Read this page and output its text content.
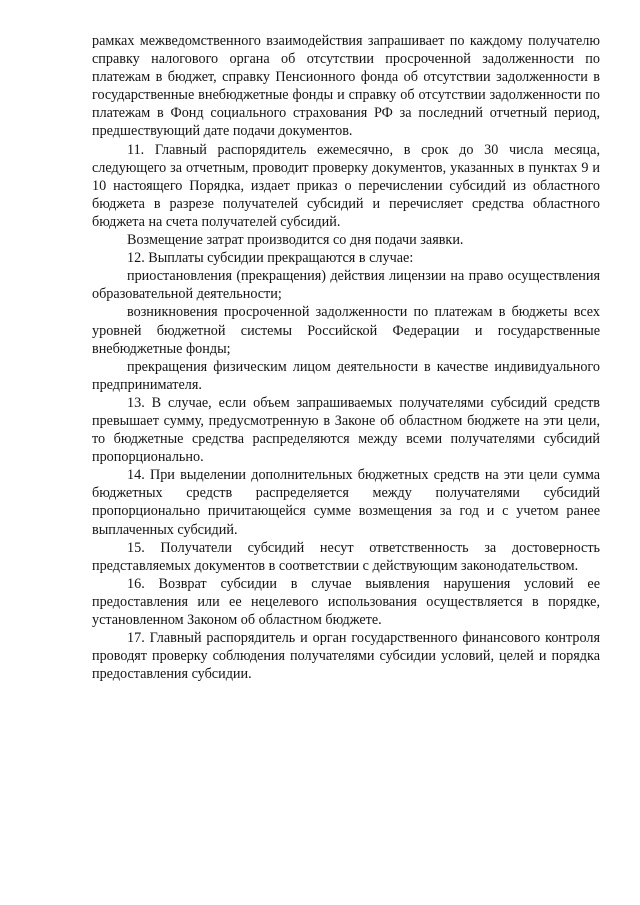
рамках межведомственного взаимодействия запрашивает по каждому получателю справку налогового органа об отсутствии просроченной задолженности по платежам в бюджет, справку Пенсионного фонда об отсутствии задолженности в государственные внебюджетные фонды и справку об отсутствии задолженности по платежам в Фонд социального страхования РФ за последний отчетный период, предшествующий дате подачи документов.

11. Главный распорядитель ежемесячно, в срок до 30 числа месяца, следующего за отчетным, проводит проверку документов, указанных в пунктах 9 и 10 настоящего Порядка, издает приказ о перечислении субсидий из областного бюджета в разрезе получателей субсидий и перечисляет средства областного бюджета на счета получателей субсидий.

Возмещение затрат производится со дня подачи заявки.

12. Выплаты субсидии прекращаются в случае:

приостановления (прекращения) действия лицензии на право осуществления образовательной деятельности;

возникновения просроченной задолженности по платежам в бюджеты всех уровней бюджетной системы Российской Федерации и государственные внебюджетные фонды;

прекращения физическим лицом деятельности в качестве индивидуального предпринимателя.

13. В случае, если объем запрашиваемых получателями субсидий средств превышает сумму, предусмотренную в Законе об областном бюджете на эти цели, то бюджетные средства распределяются между всеми получателями субсидий пропорционально.

14. При выделении дополнительных бюджетных средств на эти цели сумма бюджетных средств распределяется между получателями субсидий пропорционально причитающейся сумме возмещения за год и с учетом ранее выплаченных субсидий.

15. Получатели субсидий несут ответственность за достоверность представляемых документов в соответствии с действующим законодательством.

16. Возврат субсидии в случае выявления нарушения условий ее предоставления или ее нецелевого использования осуществляется в порядке, установленном Законом об областном бюджете.

17. Главный распорядитель и орган государственного финансового контроля проводят проверку соблюдения получателями субсидии условий, целей и порядка предоставления субсидии.
